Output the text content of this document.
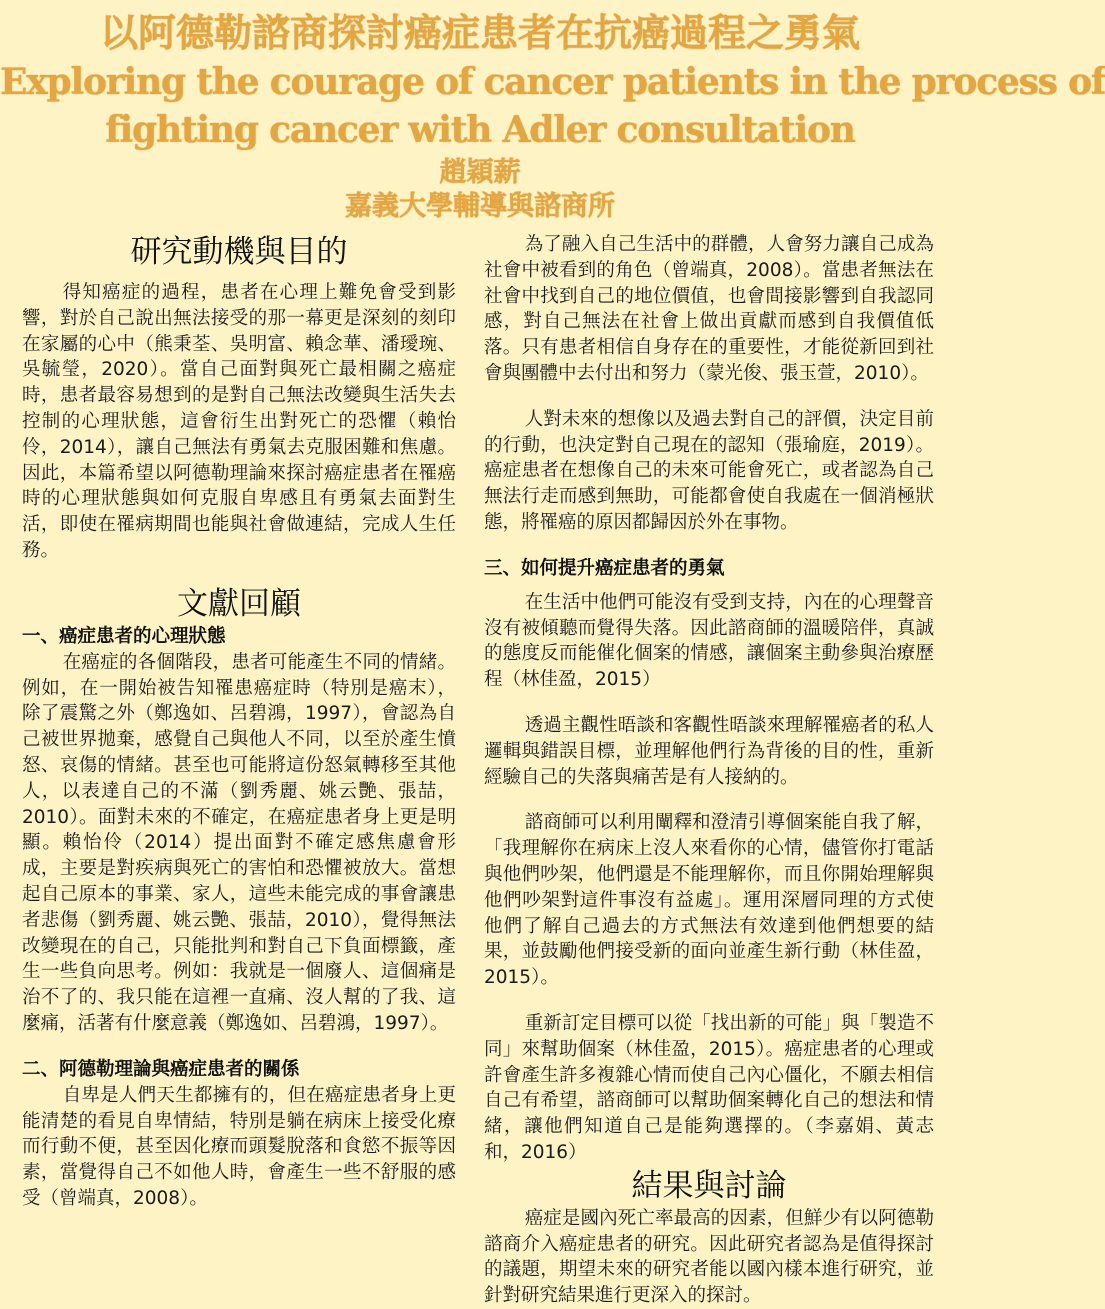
以阿德勒諮商探討癌症患者在抗癌過程之勇氣
Exploring the courage of cancer patients in the process of
fighting cancer with Adler consultation
趙穎薪
嘉義大學輔導與諮商所
研究動機與目的

得知癌症的過程，患者在心理上難免會受到影響，對於自己說出無法接受的那一幕更是深刻的刻印在家屬的心中（熊秉荃、吳明富、賴念華、潘璦琬、吳毓瑩，2020）。當自己面對與死亡最相關之癌症時，患者最容易想到的是對自己無法改變與生活失去控制的心理狀態，這會衍生出對死亡的恐懼（賴怡伶，2014），讓自己無法有勇氣去克服困難和焦慮。因此，本篇希望以阿德勒理論來探討癌症患者在罹癌時的心理狀態與如何克服自卑感且有勇氣去面對生活，即使在罹病期間也能與社會做連結，完成人生任務。

文獻回顧
一、癌症患者的心理狀態

在癌症的各個階段，患者可能產生不同的情緒。例如，在一開始被告知罹患癌症時（特別是癌末），除了震驚之外（鄭逸如、呂碧鴻，1997），會認為自己被世界拋棄，感覺自己與他人不同，以至於產生憤怒、哀傷的情緒。甚至也可能將這份怒氣轉移至其他人，以表達自己的不滿（劉秀麗、姚云艷、張喆，2010）。面對未來的不確定，在癌症患者身上更是明顯。賴怡伶（2014）提出面對不確定感焦慮會形成，主要是對疾病與死亡的害怕和恐懼被放大。當想起自己原本的事業、家人，這些未能完成的事會讓患者悲傷（劉秀麗、姚云艷、張喆，2010），覺得無法改變現在的自己，只能批判和對自己下負面標籤，產生一些負向思考。例如：我就是一個廢人、這個痛是治不了的、我只能在這裡一直痛、沒人幫的了我、這麼痛，活著有什麼意義（鄭逸如、呂碧鴻，1997）。

二、阿德勒理論與癌症患者的關係

自卑是人們天生都擁有的，但在癌症患者身上更能清楚的看見自卑情結，特別是躺在病床上接受化療而行動不便，甚至因化療而頭髮脫落和食慾不振等因素，當覺得自己不如他人時，會產生一些不舒服的感受（曾端真，2008）。

為了融入自己生活中的群體，人會努力讓自己成為社會中被看到的角色（曾端真，2008）。當患者無法在社會中找到自己的地位價值，也會間接影響到自我認同感，對自己無法在社會上做出貢獻而感到自我價值低落。只有患者相信自身存在的重要性，才能從新回到社會與團體中去付出和努力（蒙光俊、張玉萱，2010）。

人對未來的想像以及過去對自己的評價，決定目前的行動，也決定對自己現在的認知（張瑜庭，2019）。癌症患者在想像自己的未來可能會死亡，或者認為自己無法行走而感到無助，可能都會使自我處在一個消極狀態，將罹癌的原因都歸因於外在事物。

三、如何提升癌症患者的勇氣

在生活中他們可能沒有受到支持，內在的心理聲音沒有被傾聽而覺得失落。因此諮商師的溫暖陪伴，真誠的態度反而能催化個案的情感，讓個案主動參與治療歷程（林佳盈，2015）

透過主觀性晤談和客觀性晤談來理解罹癌者的私人邏輯與錯誤目標，並理解他們行為背後的目的性，重新經驗自己的失落與痛苦是有人接納的。

諮商師可以利用闡釋和澄清引導個案能自我了解，「我理解你在病床上沒人來看你的心情，儘管你打電話與他們吵架，他們還是不能理解你，而且你開始理解與他們吵架對這件事沒有益處」。運用深層同理的方式使他們了解自己過去的方式無法有效達到他們想要的結果，並鼓勵他們接受新的面向並產生新行動（林佳盈，2015）。

重新訂定目標可以從「找出新的可能」與「製造不同」來幫助個案（林佳盈，2015）。癌症患者的心理或許會產生許多複雜心情而使自己內心僵化，不願去相信自己有希望，諮商師可以幫助個案轉化自己的想法和情緒，讓他們知道自己是能夠選擇的。（李嘉娟、黃志和，2016）

結果與討論

癌症是國內死亡率最高的因素，但鮮少有以阿德勒諮商介入癌症患者的研究。因此研究者認為是值得探討的議題，期望未來的研究者能以國內樣本進行研究，並針對研究結果進行更深入的探討。
